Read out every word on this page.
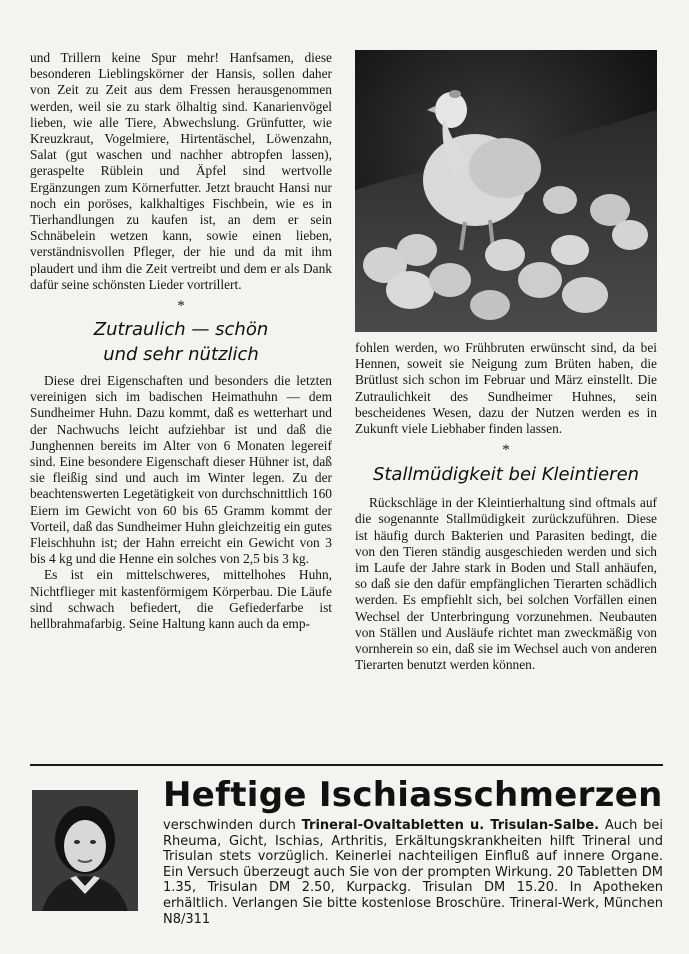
und Trillern keine Spur mehr! Hanfsamen, diese besonderen Lieblingskörner der Hansis, sollen daher von Zeit zu Zeit aus dem Fressen herausgenommen werden, weil sie zu stark ölhaltig sind. Kanarienvögel lieben, wie alle Tiere, Abwechslung. Grünfutter, wie Kreuzkraut, Vogelmiere, Hirtentäschel, Löwenzahn, Salat (gut waschen und nachher abtropfen lassen), geraspelte Rüblein und Äpfel sind wertvolle Ergänzungen zum Körnerfutter. Jetzt braucht Hansi nur noch ein poröses, kalkhaltiges Fischbein, wie es in Tierhandlungen zu kaufen ist, an dem er sein Schnäbelein wetzen kann, sowie einen lieben, verständnisvollen Pfleger, der hie und da mit ihm plaudert und ihm die Zeit vertreibt und dem er als Dank dafür seine schönsten Lieder vortrillert.

*
Zutraulich — schön
und sehr nützlich

Diese drei Eigenschaften und besonders die letzten vereinigen sich im badischen Heimathuhn — dem Sundheimer Huhn. Dazu kommt, daß es wetterhart und der Nachwuchs leicht aufziehbar ist und daß die Junghennen bereits im Alter von 6 Monaten legereif sind. Eine besondere Eigenschaft dieser Hühner ist, daß sie fleißig sind und auch im Winter legen. Zu der beachtenswerten Legetätigkeit von durchschnittlich 160 Eiern im Gewicht von 60 bis 65 Gramm kommt der Vorteil, daß das Sundheimer Huhn gleichzeitig ein gutes Fleischhuhn ist; der Hahn erreicht ein Gewicht von 3 bis 4 kg und die Henne ein solches von 2,5 bis 3 kg.

Es ist ein mittelschweres, mittelhohes Huhn, Nichtflieger mit kastenförmigem Körperbau. Die Läufe sind schwach befiedert, die Gefiederfarbe ist hellbrahmafarbig. Seine Haltung kann auch da emp-

fohlen werden, wo Frühbruten erwünscht sind, da bei Hennen, soweit sie Neigung zum Brüten haben, die Brütlust sich schon im Februar und März einstellt. Die Zutraulichkeit des Sundheimer Huhnes, sein bescheidenes Wesen, dazu der Nutzen werden es in Zukunft viele Liebhaber finden lassen.

*
Stallmüdigkeit bei Kleintieren

Rückschläge in der Kleintierhaltung sind oftmals auf die sogenannte Stallmüdigkeit zurückzuführen. Diese ist häufig durch Bakterien und Parasiten bedingt, die von den Tieren ständig ausgeschieden werden und sich im Laufe der Jahre stark in Boden und Stall anhäufen, so daß sie den dafür empfänglichen Tierarten schädlich werden. Es empfiehlt sich, bei solchen Vorfällen einen Wechsel der Unterbringung vorzunehmen. Neubauten von Ställen und Ausläufe richtet man zweckmäßig von vornherein so ein, daß sie im Wechsel auch von anderen Tierarten benutzt werden können.

Heftige Ischiasschmerzen
verschwinden durch Trineral-Ovaltabletten u. Trisulan-Salbe. Auch bei Rheuma, Gicht, Ischias, Arthritis, Erkältungskrankheiten hilft Trineral und Trisulan stets vorzüglich. Keinerlei nachteiligen Einfluß auf innere Organe. Ein Versuch überzeugt auch Sie von der prompten Wirkung. 20 Tabletten DM 1.35, Trisulan DM 2.50, Kurpackg. Trisulan DM 15.20. In Apotheken erhältlich. Verlangen Sie bitte kostenlose Broschüre. Trineral-Werk, München N8/311
